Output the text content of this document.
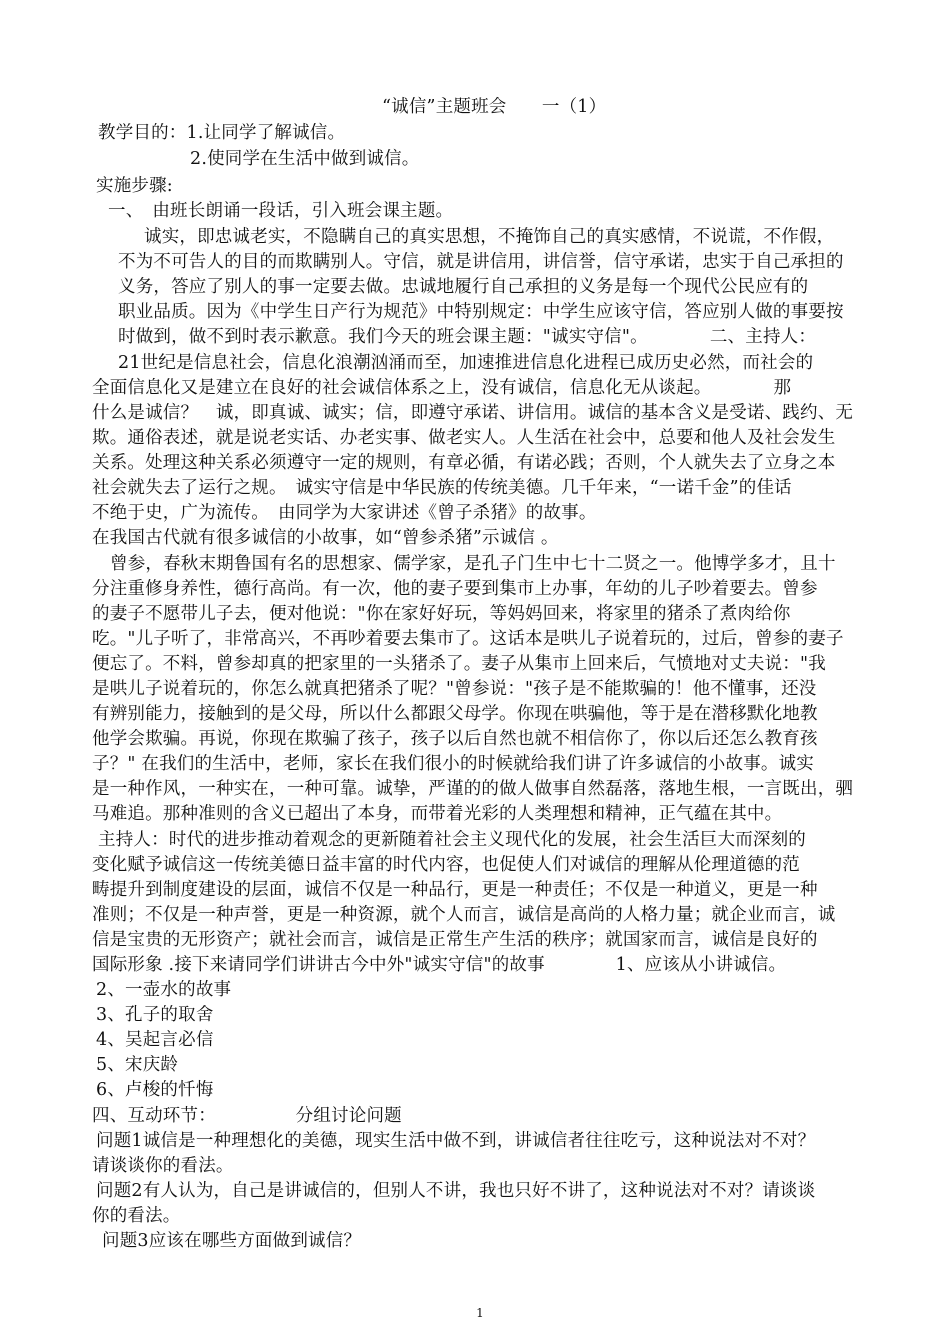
“诚信”主题班会　　一（1）
教学目的：1.让同学了解诚信。
2.使同学在生活中做到诚信。
实施步骤:
一、　由班长朗诵一段话，引入班会课主题。
诚实，即忠诚老实，不隐瞒自己的真实思想，不掩饰自己的真实感情，不说谎，不作假，
不为不可告人的目的而欺瞒别人。守信，就是讲信用，讲信誉，信守承诺，忠实于自己承担的
义务，答应了别人的事一定要去做。忠诚地履行自己承担的义务是每一个现代公民应有的
职业品质。因为《中学生日产行为规范》中特别规定：中学生应该守信，答应别人做的事要按
时做到，做不到时表示歉意。我们今天的班会课主题："诚实守信"。　　　　二、主持人：
21世纪是信息社会，信息化浪潮汹涌而至，加速推进信息化进程已成历史必然，而社会的
全面信息化又是建立在良好的社会诚信体系之上，没有诚信，信息化无从谈起。　　　　那
什么是诚信？　诚，即真诚、诚实；信，即遵守承诺、讲信用。诚信的基本含义是受诺、践约、无
欺。通俗表述，就是说老实话、办老实事、做老实人。人生活在社会中，总要和他人及社会发生
关系。处理这种关系必须遵守一定的规则，有章必循，有诺必践；否则，个人就失去了立身之本
社会就失去了运行之规。　诚实守信是中华民族的传统美德。几千年来，“一诺千金”的佳话
不绝于史，广为流传。　由同学为大家讲述《曾子杀猪》的故事。
在我国古代就有很多诚信的小故事，如“曾参杀猪”示诚信 。
曾参，春秋末期鲁国有名的思想家、儒学家，是孔子门生中七十二贤之一。他博学多才，且十
分注重修身养性，德行高尚。有一次，他的妻子要到集市上办事，年幼的儿子吵着要去。曾参
的妻子不愿带儿子去，便对他说："你在家好好玩，等妈妈回来，将家里的猪杀了煮肉给你
吃。"儿子听了，非常高兴，不再吵着要去集市了。这话本是哄儿子说着玩的，过后，曾参的妻子
便忘了。不料，曾参却真的把家里的一头猪杀了。妻子从集市上回来后，气愤地对丈夫说："我
是哄儿子说着玩的，你怎么就真把猪杀了呢？"曾参说："孩子是不能欺骗的！他不懂事，还没
有辨别能力，接触到的是父母，所以什么都跟父母学。你现在哄骗他，等于是在潜移默化地教
他学会欺骗。再说，你现在欺骗了孩子，孩子以后自然也就不相信你了，你以后还怎么教育孩
子？" 在我们的生活中，老师，家长在我们很小的时候就给我们讲了许多诚信的小故事。诚实
是一种作风，一种实在，一种可靠。诚挚，严谨的的做人做事自然磊落，落地生根，一言既出，驷
马难追。那种准则的含义已超出了本身，而带着光彩的人类理想和精神，正气蕴在其中。
主持人：时代的进步推动着观念的更新随着社会主义现代化的发展，社会生活巨大而深刻的
变化赋予诚信这一传统美德日益丰富的时代内容，也促使人们对诚信的理解从伦理道德的范
畴提升到制度建设的层面，诚信不仅是一种品行，更是一种责任；不仅是一种道义，更是一种
准则；不仅是一种声誉，更是一种资源，就个人而言，诚信是高尚的人格力量；就企业而言，诚
信是宝贵的无形资产；就社会而言，诚信是正常生产生活的秩序；就国家而言，诚信是良好的
国际形象 .接下来请同学们讲讲古今中外"诚实守信"的故事　　　　1、应该从小讲诚信。
2、一壶水的故事
3、孔子的取舍
4、吴起言必信
5、宋庆龄
6、卢梭的忏悔
四、互动环节：　　　　　分组讨论问题
问题1诚信是一种理想化的美德，现实生活中做不到，讲诚信者往往吃亏，这种说法对不对？
请谈谈你的看法。
问题2有人认为，自己是讲诚信的，但别人不讲，我也只好不讲了，这种说法对不对？请谈谈
你的看法。
问题3应该在哪些方面做到诚信？
1
